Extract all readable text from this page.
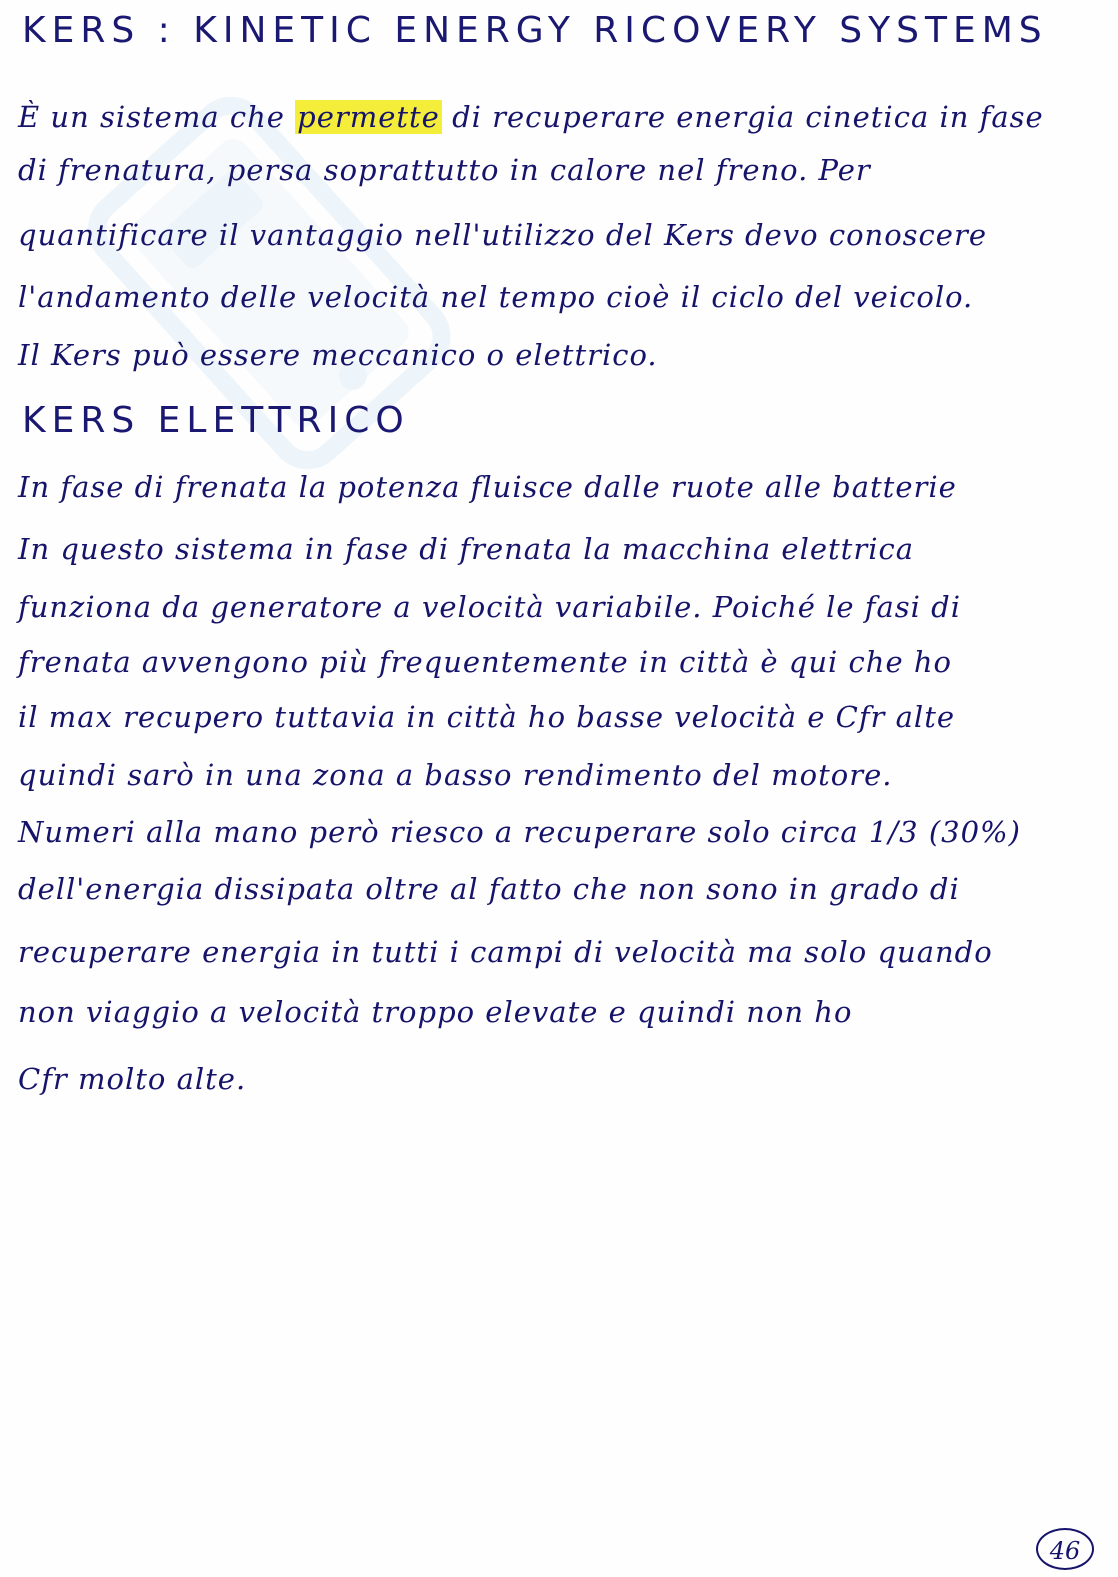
KERS : KINETIC ENERGY RICOVERY SYSTEMS
È un sistema che permette di recuperare energia cinetica in fase
di frenatura, persa soprattutto in calore nel freno. Per
quantificare il vantaggio nell'utilizzo del Kers devo conoscere
l'andamento delle velocità nel tempo cioè il ciclo del veicolo.
Il Kers può essere meccanico o elettrico.
KERS ELETTRICO
In fase di frenata la potenza fluisce dalle ruote alle batterie
In questo sistema in fase di frenata la macchina elettrica
funziona da generatore a velocità variabile. Poiché le fasi di
frenata avvengono più frequentemente in città è qui che ho
il max recupero tuttavia in città ho basse velocità e Cfr alte
quindi sarò in una zona a basso rendimento del motore.
Numeri alla mano però riesco a recuperare solo circa 1/3 (30%)
dell'energia dissipata oltre al fatto che non sono in grado di
recuperare energia in tutti i campi di velocità ma solo quando
non viaggio a velocità troppo elevate e quindi non ho
Cfr molto alte.
46
